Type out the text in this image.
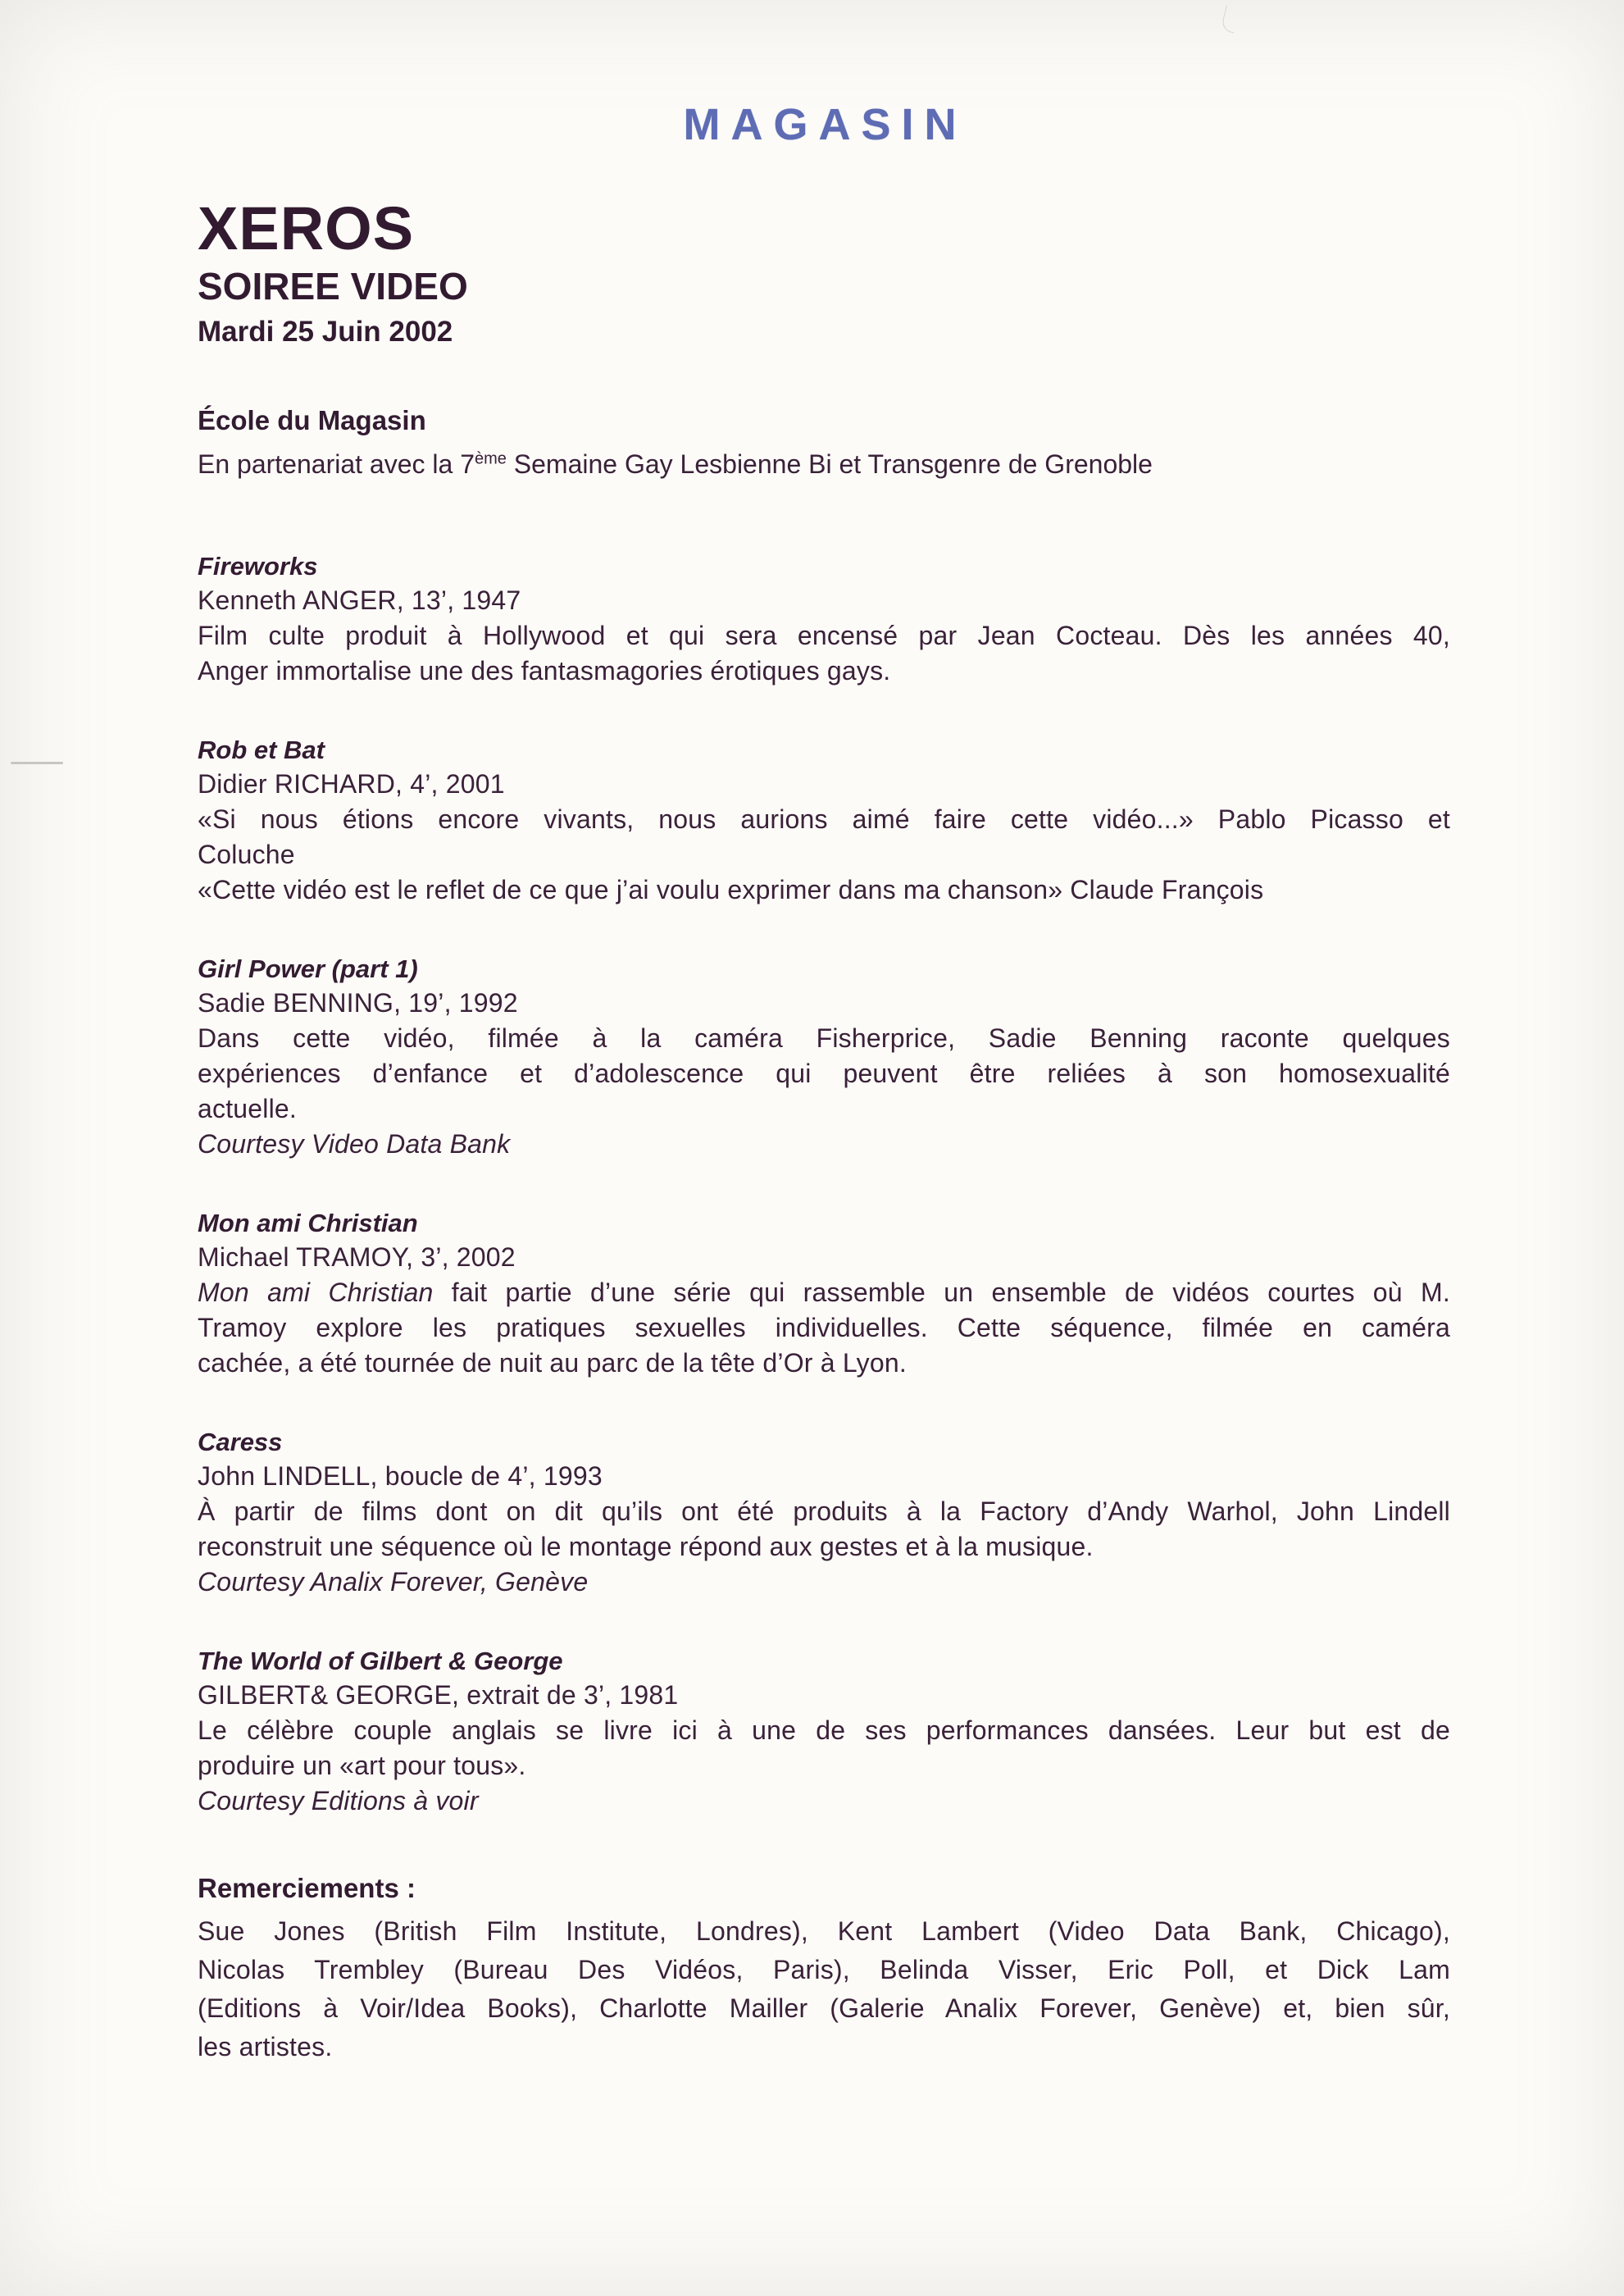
MAGASIN
XEROS
SOIREE VIDEO
Mardi 25 Juin 2002
École du Magasin
En partenariat avec la 7ème Semaine Gay Lesbienne Bi et Transgenre de Grenoble
Fireworks
Kenneth ANGER, 13’, 1947
Film culte produit à Hollywood et qui sera encensé par Jean Cocteau. Dès les années 40,
Anger immortalise une des fantasmagories érotiques gays.
Rob et Bat
Didier RICHARD, 4’, 2001
«Si nous étions encore vivants, nous aurions aimé faire cette vidéo...» Pablo Picasso et
Coluche
«Cette vidéo est le reflet de ce que j’ai voulu exprimer dans ma chanson» Claude François
Girl Power (part 1)
Sadie BENNING, 19’, 1992
Dans cette vidéo, filmée à la caméra Fisherprice, Sadie Benning raconte quelques
expériences d’enfance et d’adolescence qui peuvent être reliées à son homosexualité
actuelle.
Courtesy Video Data Bank
Mon ami Christian
Michael TRAMOY, 3’, 2002
Mon ami Christian fait partie d’une série qui rassemble un ensemble de vidéos courtes où M.
Tramoy explore les pratiques sexuelles individuelles. Cette séquence, filmée en caméra
cachée, a été tournée de nuit au parc de la tête d’Or à Lyon.
Caress
John LINDELL, boucle de 4’, 1993
À partir de films dont on dit qu’ils ont été produits à la Factory d’Andy Warhol, John Lindell
reconstruit une séquence où le montage répond aux gestes et à la musique.
Courtesy Analix Forever, Genève
The World of Gilbert & George
GILBERT& GEORGE, extrait de 3’, 1981
Le célèbre couple anglais se livre ici à une de ses performances dansées. Leur but est de
produire un «art pour tous».
Courtesy Editions à voir
Remerciements :
Sue Jones (British Film Institute, Londres), Kent Lambert (Video Data Bank, Chicago),
Nicolas Trembley (Bureau Des Vidéos, Paris), Belinda Visser, Eric Poll, et Dick Lam
(Editions à Voir/Idea Books), Charlotte Mailler (Galerie Analix Forever, Genève) et, bien sûr,
les artistes.
